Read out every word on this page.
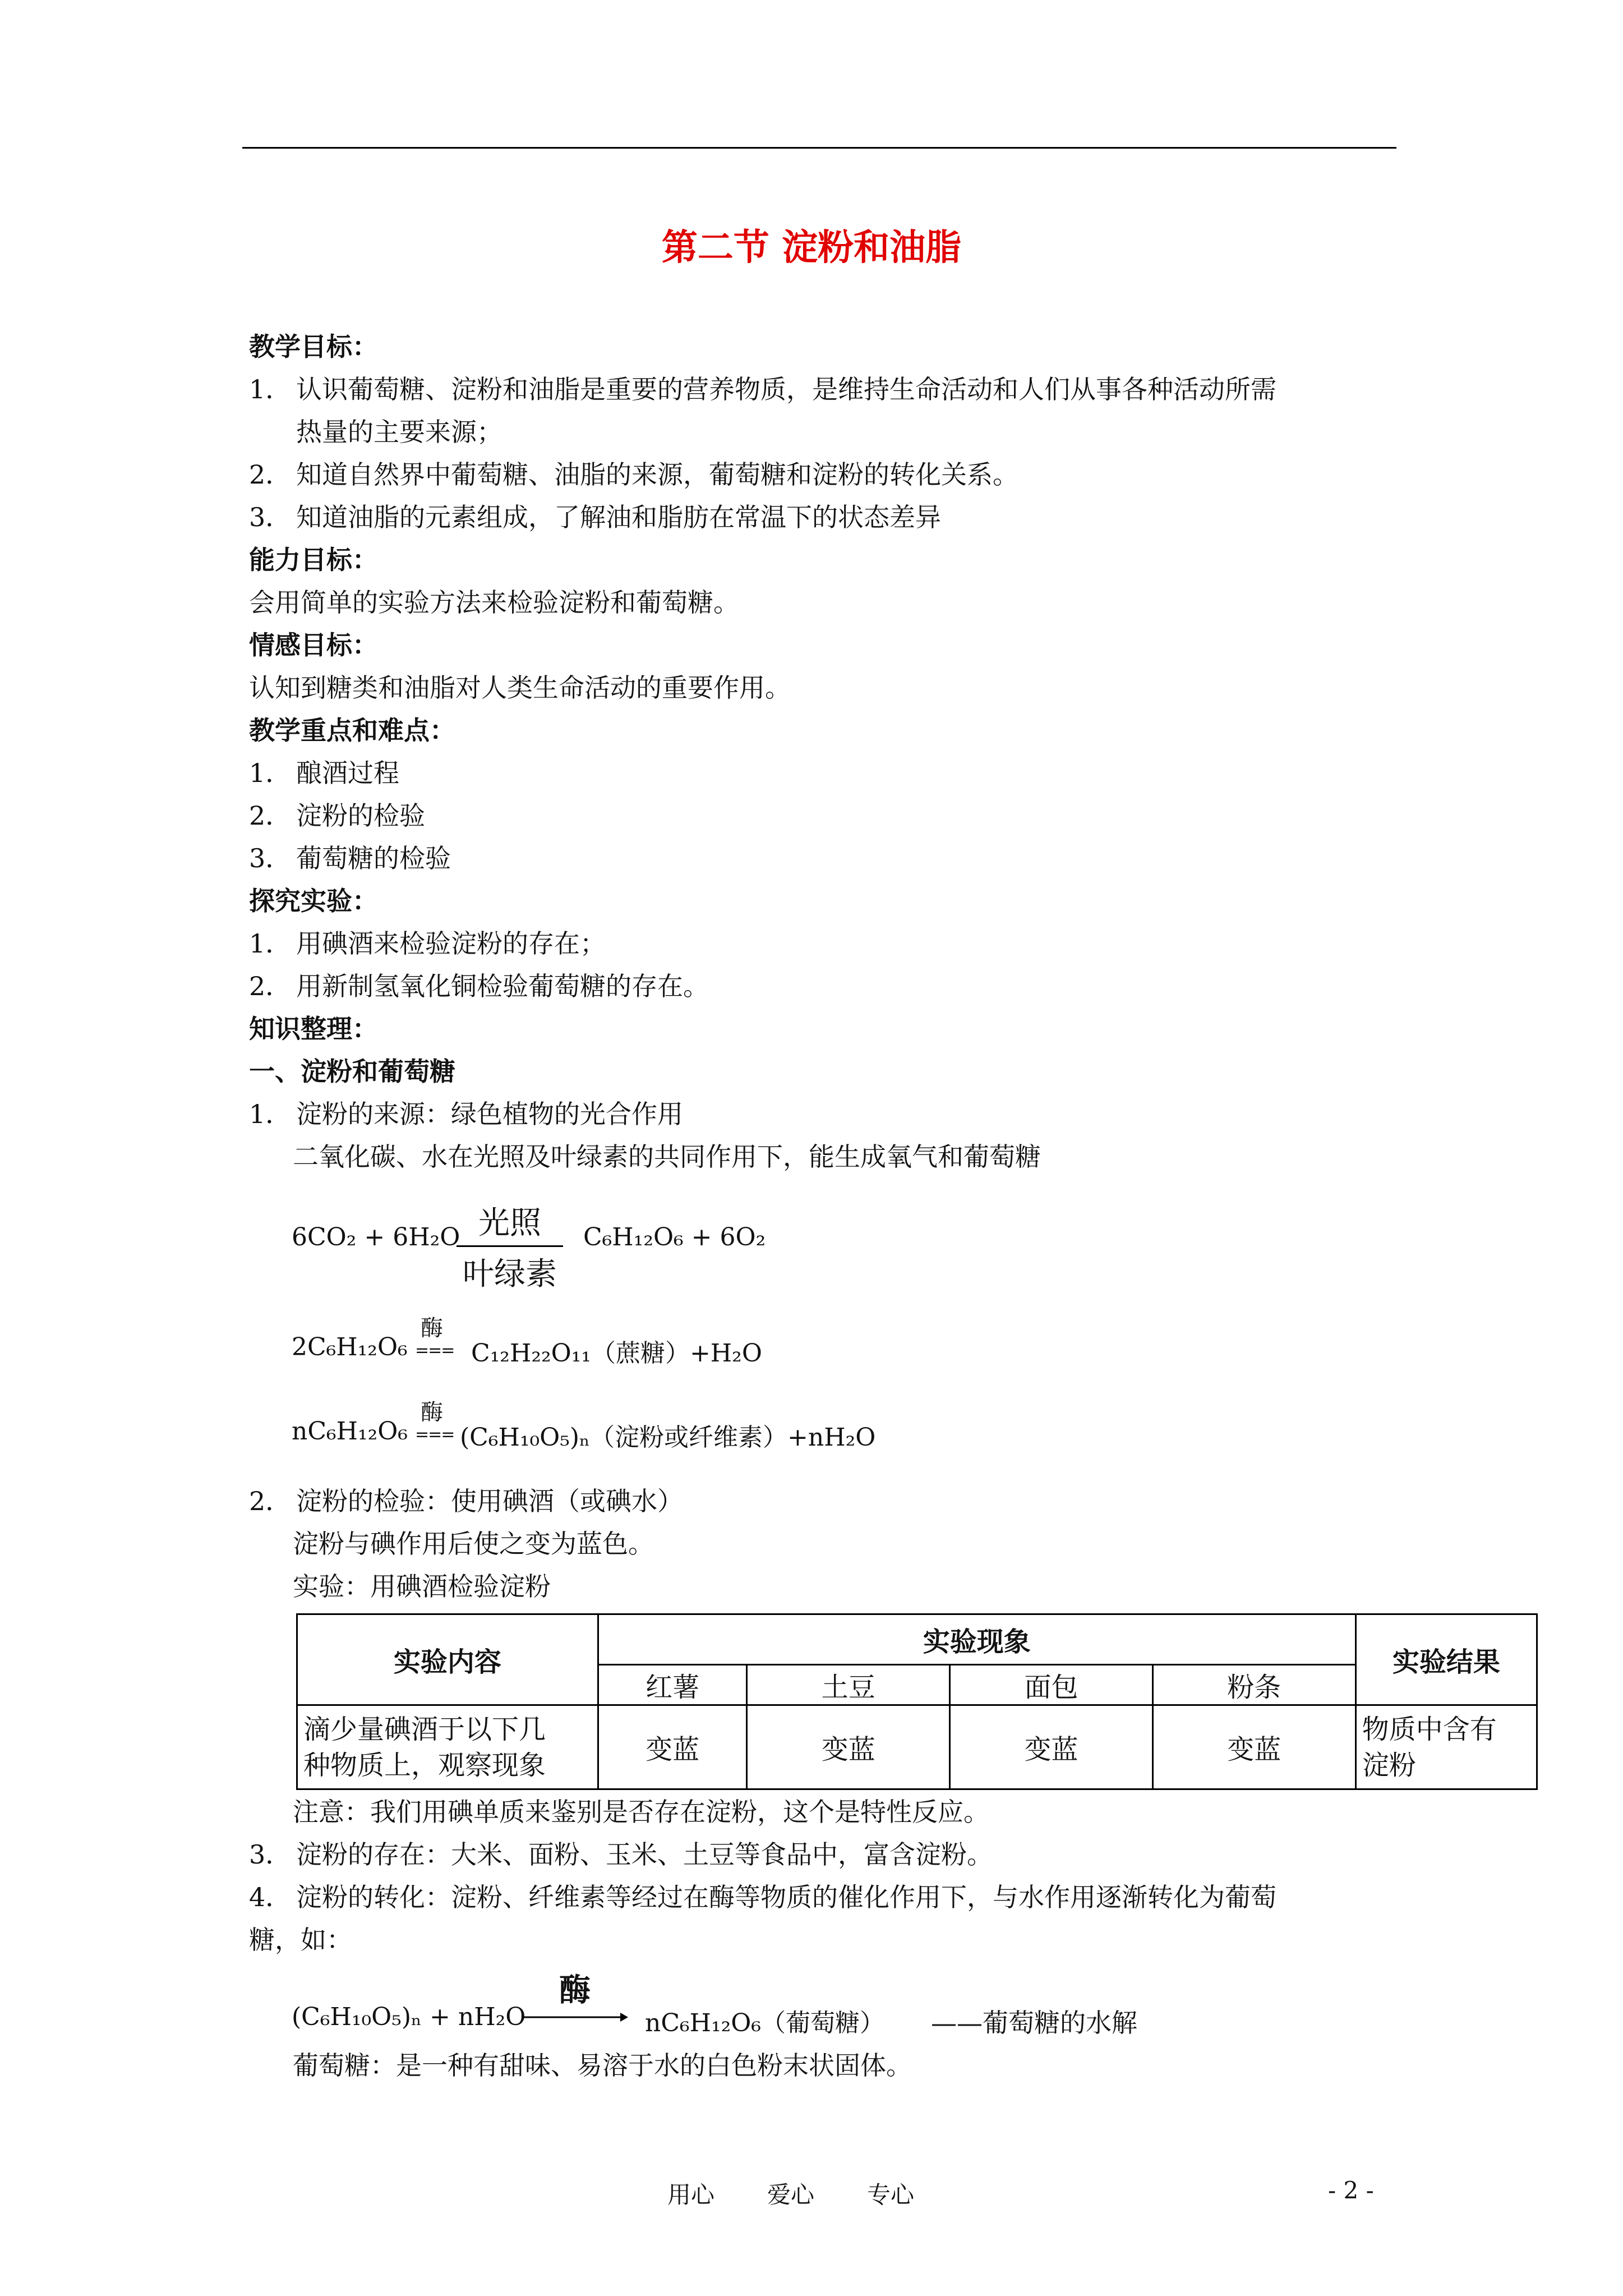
第二节 淀粉和油脂
教学目标：
1． 认识葡萄糖、淀粉和油脂是重要的营养物质，是维持生命活动和人们从事各种活动所需
热量的主要来源；
2． 知道自然界中葡萄糖、油脂的来源，葡萄糖和淀粉的转化关系。
3． 知道油脂的元素组成，了解油和脂肪在常温下的状态差异
能力目标：
会用简单的实验方法来检验淀粉和葡萄糖。
情感目标：
认知到糖类和油脂对人类生命活动的重要作用。
教学重点和难点：
1． 酿酒过程
2． 淀粉的检验
3． 葡萄糖的检验
探究实验：
1． 用碘酒来检验淀粉的存在；
2． 用新制氢氧化铜检验葡萄糖的存在。
知识整理：
一、淀粉和葡萄糖
1． 淀粉的来源：绿色植物的光合作用
二氧化碳、水在光照及叶绿素的共同作用下，能生成氧气和葡萄糖
6CO₂ + 6H₂O 光照
叶绿素
C₆H₁₂O₆ + 6O₂
2C₆H₁₂O₆
酶
=== C₁₂H₂₂O₁₁（蔗糖）+H₂O
nC₆H₁₂O₆
酶
=== (C₆H₁₀O₅)ₙ（淀粉或纤维素）+nH₂O
2． 淀粉的检验：使用碘酒（或碘水）
淀粉与碘作用后使之变为蓝色。
实验：用碘酒检验淀粉
实验内容	实验现象				实验结果
	红薯	土豆	面包	粉条	
滴少量碘酒于以下几
种物质上，观察现象	变蓝	变蓝	变蓝	变蓝	物质中含有
淀粉
注意：我们用碘单质来鉴别是否存在淀粉，这个是特性反应。
3． 淀粉的存在：大米、面粉、玉米、土豆等食品中，富含淀粉。
4． 淀粉的转化：淀粉、纤维素等经过在酶等物质的催化作用下，与水作用逐渐转化为葡萄
糖，如：
(C₆H₁₀O₅)ₙ + nH₂O
酶
nC₆H₁₂O₆（葡萄糖） ——葡萄糖的水解
葡萄糖：是一种有甜味、易溶于水的白色粉末状固体。
用心 爱心 专心	- 2 -
